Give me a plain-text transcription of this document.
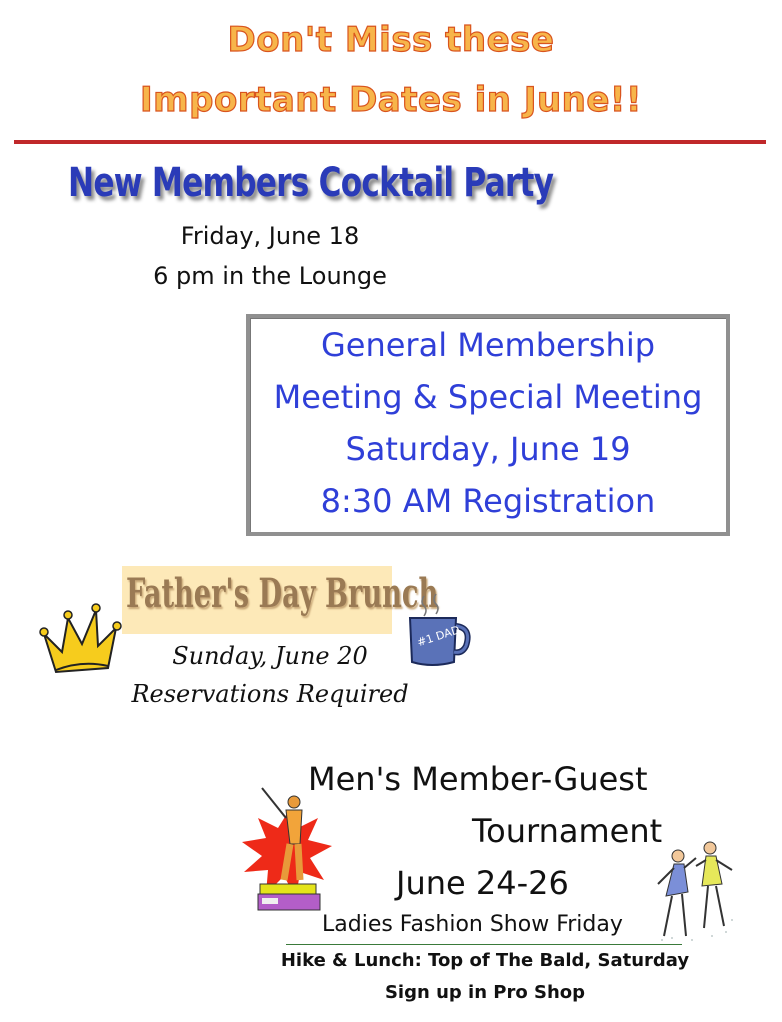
Don't Miss these
Important Dates in June!!
New Members Cocktail Party
Friday, June 18
6 pm in the Lounge
General Membership
Meeting & Special Meeting
Saturday, June 19
8:30 AM Registration
Father's Day Brunch
#1 DAD
Sunday, June 20
Reservations Required
Men's Member-Guest
Tournament
June 24-26
Ladies Fashion Show Friday
Hike & Lunch: Top of The Bald, Saturday
Sign up in Pro Shop
